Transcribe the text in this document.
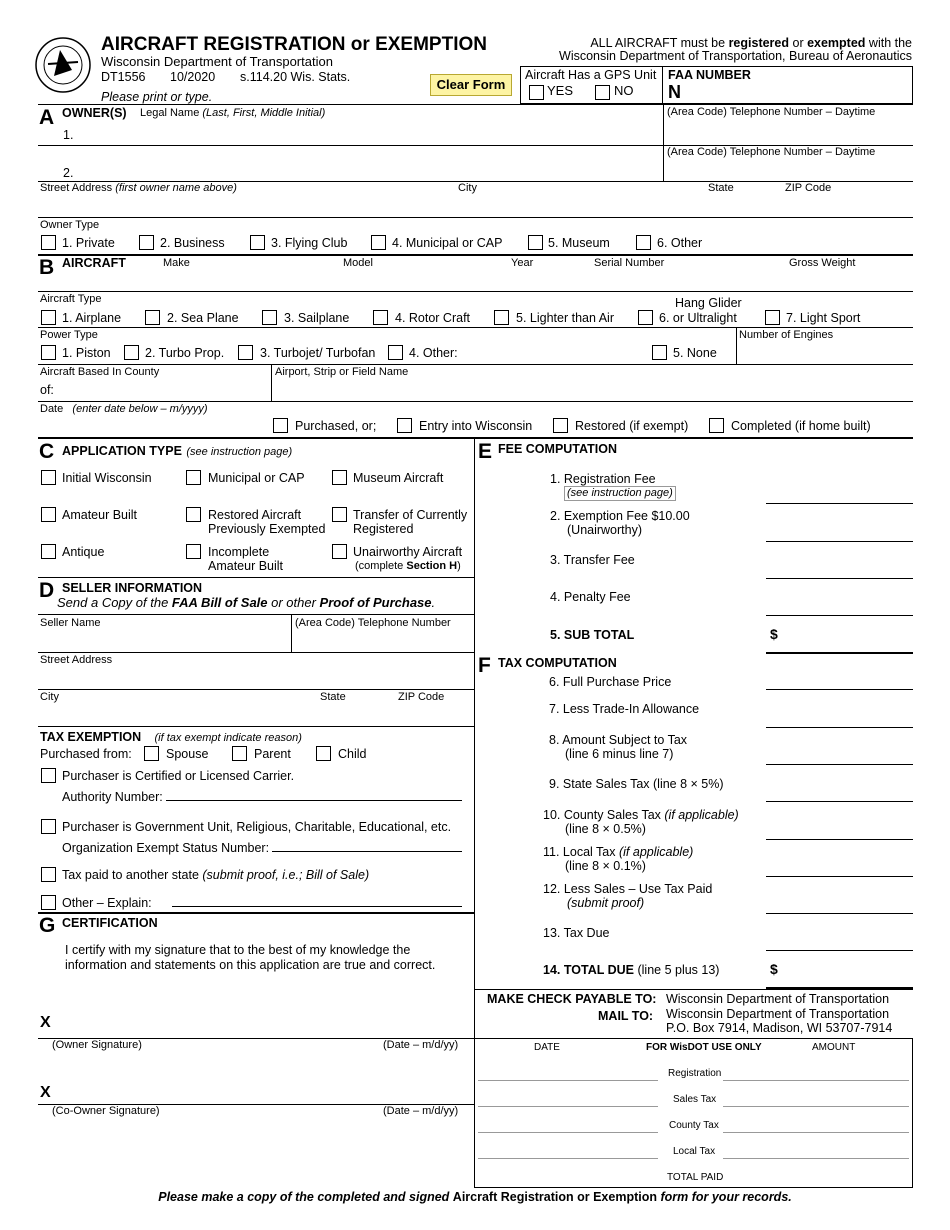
AIRCRAFT REGISTRATION or EXEMPTION
Wisconsin Department of Transportation
DT1556 10/2020 s.114.20 Wis. Stats.
Please print or type.
Clear Form
ALL AIRCRAFT must be registered or exempted with the
Wisconsin Department of Transportation, Bureau of Aeronautics
Aircraft Has a GPS Unit
YES	NO
FAA NUMBER
N
A OWNER(S) Legal Name (Last, First, Middle Initial)
1.
2.
(Area Code) Telephone Number – Daytime
(Area Code) Telephone Number – Daytime
Street Address (first owner name above)	City	State	ZIP Code
Owner Type
1. Private	2. Business	3. Flying Club	4. Municipal or CAP	5. Museum	6. Other
B AIRCRAFT	Make	Model	Year	Serial Number	Gross Weight
Aircraft Type	Hang Glider
1. Airplane	2. Sea Plane	3. Sailplane	4. Rotor Craft	5. Lighter than Air	6. or Ultralight	7. Light Sport
Power Type	Number of Engines
1. Piston	2. Turbo Prop.	3. Turbojet/ Turbofan	4. Other:	5. None
Aircraft Based In County
of:
Airport, Strip or Field Name
Date (enter date below – m/yyyy)
Purchased, or;	Entry into Wisconsin	Restored (if exempt)	Completed (if home built)
C APPLICATION TYPE (see instruction page)
Initial Wisconsin	Municipal or CAP	Museum Aircraft
Amateur Built	Restored Aircraft
Previously Exempted
Transfer of Currently
Registered
Antique	Incomplete
Amateur Built
Unairworthy Aircraft
(complete Section H)
D SELLER INFORMATION
Send a Copy of the FAA Bill of Sale or other Proof of Purchase.
Seller Name	(Area Code) Telephone Number
Street Address
City	State	ZIP Code
TAX EXEMPTION (if tax exempt indicate reason)
Purchased from:	Spouse	Parent	Child
Purchaser is Certified or Licensed Carrier.
Authority Number:
Purchaser is Government Unit, Religious, Charitable, Educational, etc.
Organization Exempt Status Number:
Tax paid to another state (submit proof, i.e.; Bill of Sale)
Other – Explain:
G CERTIFICATION
I certify with my signature that to the best of my knowledge the
information and statements on this application are true and correct.
X
(Owner Signature)	(Date – m/d/yy)
X
(Co-Owner Signature)	(Date – m/d/yy)
E FEE COMPUTATION
1. Registration Fee
(see instruction page)
2. Exemption Fee $10.00
(Unairworthy)
3. Transfer Fee
4. Penalty Fee
5. SUB TOTAL	$
F TAX COMPUTATION
6. Full Purchase Price
7. Less Trade-In Allowance
8. Amount Subject to Tax
(line 6 minus line 7)
9. State Sales Tax (line 8 × 5%)
10. County Sales Tax (if applicable)
(line 8 × 0.5%)
11. Local Tax (if applicable)
(line 8 × 0.1%)
12. Less Sales – Use Tax Paid
(submit proof)
13. Tax Due
14. TOTAL DUE (line 5 plus 13)	$
MAKE CHECK PAYABLE TO: Wisconsin Department of Transportation
MAIL TO: Wisconsin Department of Transportation
P.O. Box 7914, Madison, WI 53707-7914
DATE	FOR WisDOT USE ONLY	AMOUNT
Registration
Sales Tax
County Tax
Local Tax
TOTAL PAID
Please make a copy of the completed and signed Aircraft Registration or Exemption form for your records.
